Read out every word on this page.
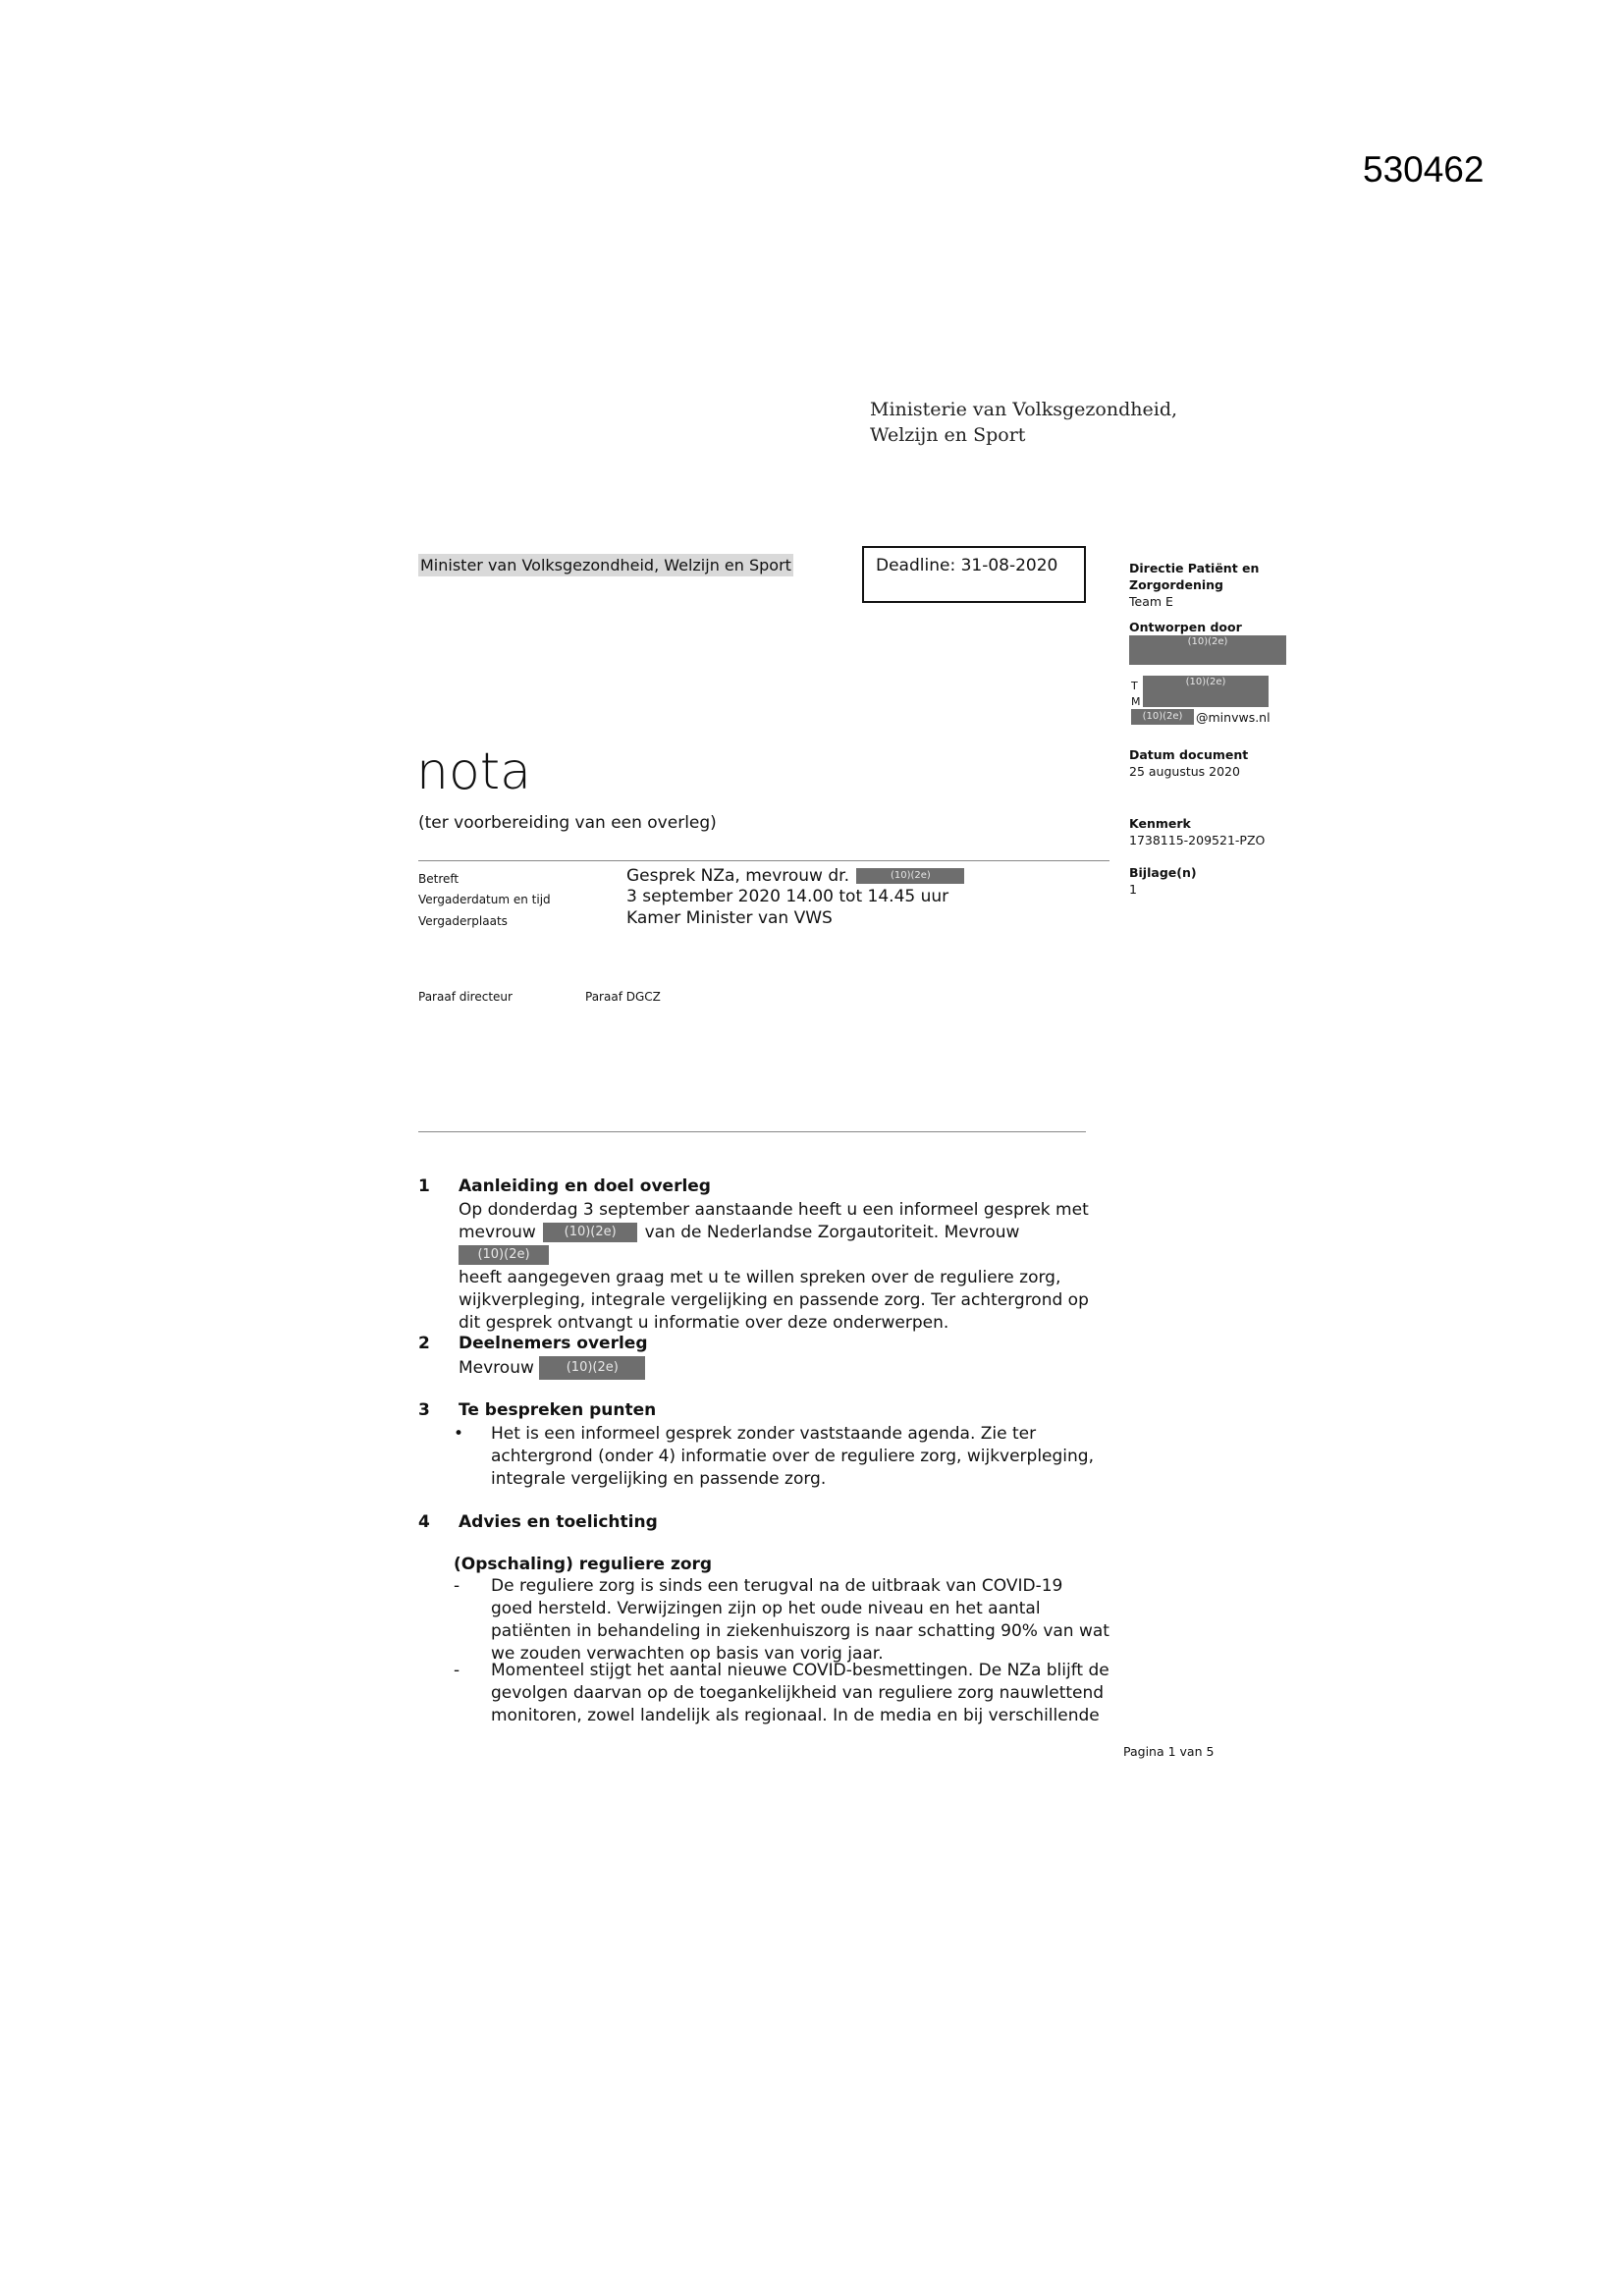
530462
Ministerie van Volksgezondheid,
Welzijn en Sport
Minister van Volksgezondheid, Welzijn en Sport	Deadline: 31-08-2020	Directie Patiënt en
Zorgordening
Team E
Ontworpen door
(10)(2e)
T
M
(10)(2e)
(10)(2e)	@minvws.nl
Datum document
25 augustus 2020
Kenmerk
1738115-209521-PZO
Bijlage(n)
1
nota
(ter voorbereiding van een overleg)
Betreft	Gesprek NZa, mevrouw dr.	(10)(2e)
Vergaderdatum en tijd	3 september 2020 14.00 tot 14.45 uur
Vergaderplaats	Kamer Minister van VWS
Paraaf directeur	Paraaf DGCZ
1 Aanleiding en doel overleg
Op donderdag 3 september aanstaande heeft u een informeel gesprek met
mevrouw (10)(2e) van de Nederlandse Zorgautoriteit. Mevrouw (10)(2e)
heeft aangegeven graag met u te willen spreken over de reguliere zorg,
wijkverpleging, integrale vergelijking en passende zorg. Ter achtergrond op
dit gesprek ontvangt u informatie over deze onderwerpen.
2 Deelnemers overleg
Mevrouw	(10)(2e)
3 Te bespreken punten
•	Het is een informeel gesprek zonder vaststaande agenda. Zie ter achtergrond (onder 4) informatie over de reguliere zorg, wijkverpleging, integrale vergelijking en passende zorg.
4 Advies en toelichting
(Opschaling) reguliere zorg
-	De reguliere zorg is sinds een terugval na de uitbraak van COVID-19 goed hersteld. Verwijzingen zijn op het oude niveau en het aantal patiënten in behandeling in ziekenhuiszorg is naar schatting 90% van wat we zouden verwachten op basis van vorig jaar.
-	Momenteel stijgt het aantal nieuwe COVID-besmettingen. De NZa blijft de gevolgen daarvan op de toegankelijkheid van reguliere zorg nauwlettend monitoren, zowel landelijk als regionaal. In de media en bij verschillende
Pagina 1 van 5
